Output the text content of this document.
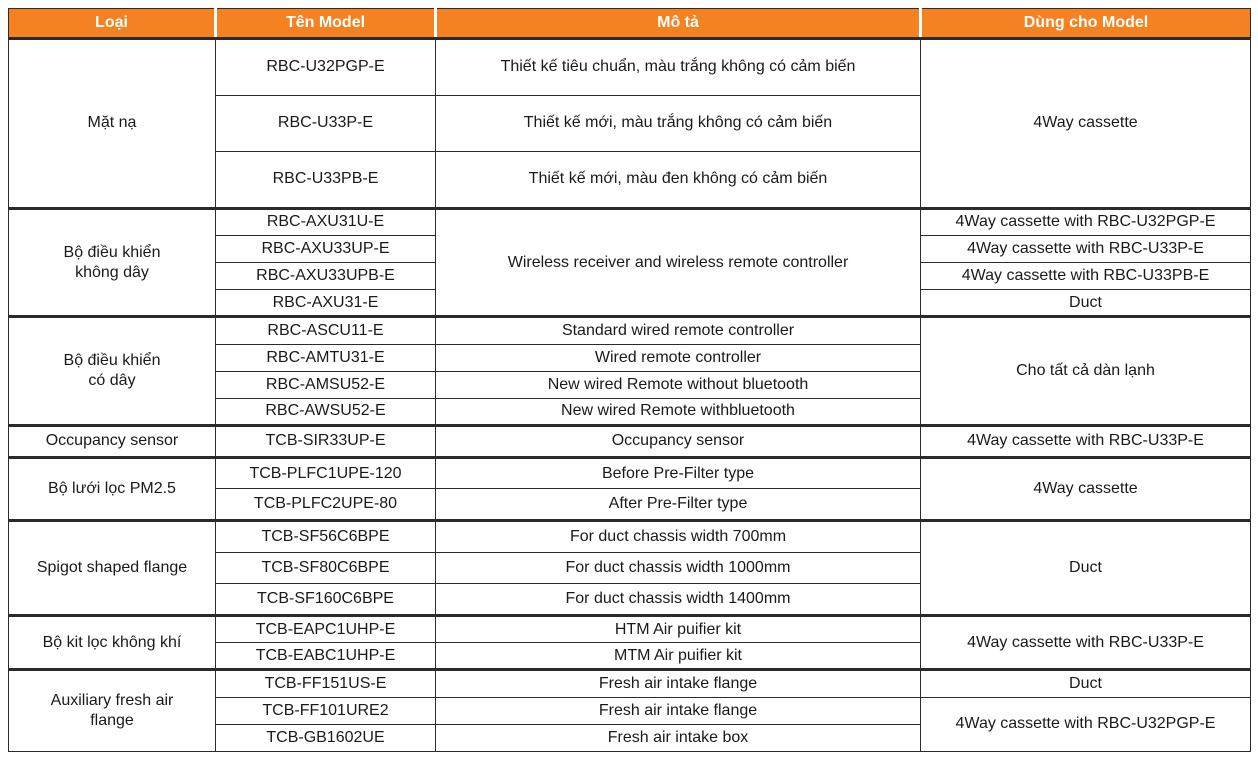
Loại	Tên Model	Mô tả	Dùng cho Model
Mặt nạ	RBC-U32PGP-E	Thiết kế tiêu chuẩn, màu trắng không có cảm biến	4Way cassette
	RBC-U33P-E	Thiết kế mới, màu trắng không có cảm biến	
	RBC-U33PB-E	Thiết kế mới, màu đen không có cảm biến	
Bộ điều khiển
không dây	RBC-AXU31U-E	Wireless receiver and wireless remote controller	4Way cassette with RBC-U32PGP-E
	RBC-AXU33UP-E		4Way cassette with RBC-U33P-E
	RBC-AXU33UPB-E		4Way cassette with RBC-U33PB-E
	RBC-AXU31-E		Duct
Bộ điều khiển
có dây	RBC-ASCU11-E	Standard wired remote controller	Cho tất cả dàn lạnh
	RBC-AMTU31-E	Wired remote controller	
	RBC-AMSU52-E	New wired Remote without bluetooth	
	RBC-AWSU52-E	New wired Remote withbluetooth	
Occupancy sensor	TCB-SIR33UP-E	Occupancy sensor	4Way cassette with RBC-U33P-E
Bộ lưới lọc PM2.5	TCB-PLFC1UPE-120	Before Pre-Filter type	4Way cassette
	TCB-PLFC2UPE-80	After Pre-Filter type	
Spigot shaped flange	TCB-SF56C6BPE	For duct chassis width 700mm	Duct
	TCB-SF80C6BPE	For duct chassis width 1000mm	
	TCB-SF160C6BPE	For duct chassis width 1400mm	
Bộ kit lọc không khí	TCB-EAPC1UHP-E	HTM Air puifier kit	4Way cassette with RBC-U33P-E
	TCB-EABC1UHP-E	MTM Air puifier kit	
Auxiliary fresh air
flange	TCB-FF151US-E	Fresh air intake flange	Duct
	TCB-FF101URE2	Fresh air intake flange	4Way cassette with RBC-U32PGP-E
	TCB-GB1602UE	Fresh air intake box	
